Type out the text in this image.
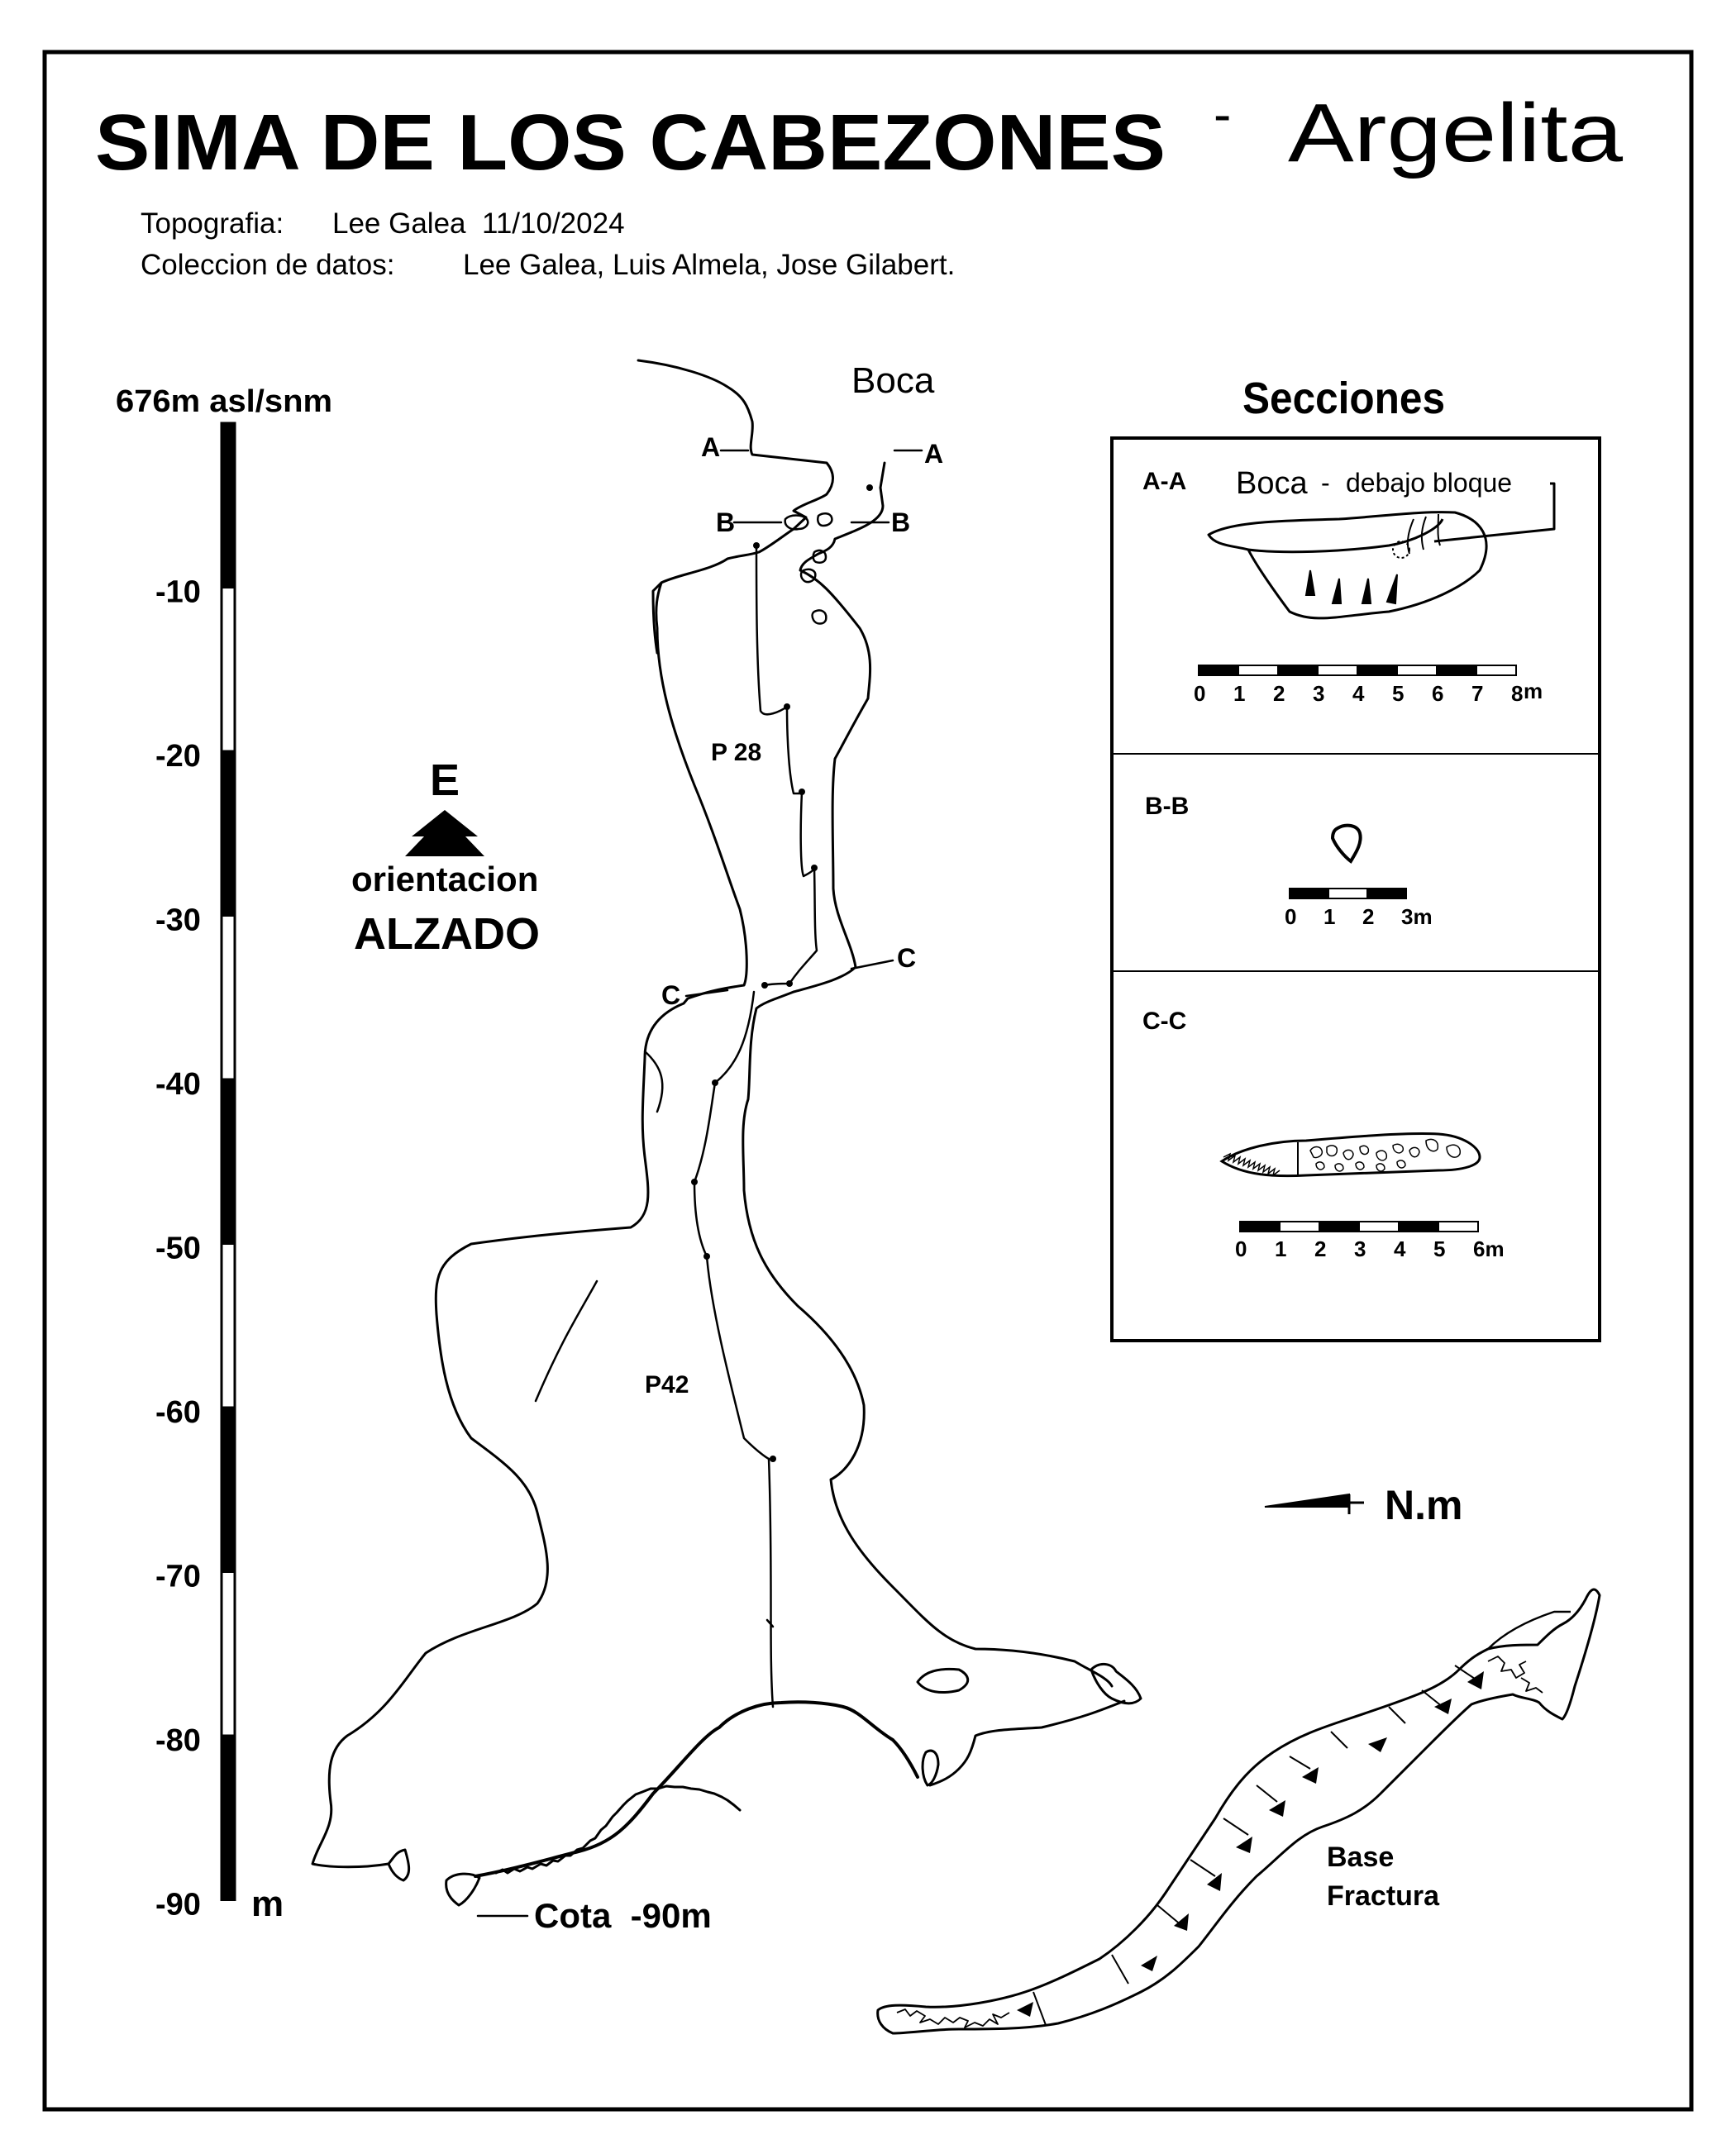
SIMA DE LOS CABEZONES - Argelita
Topografia: Lee Galea  11/10/2024
Coleccion de datos: Lee Galea, Luis Almela, Jose Gilabert.
676m asl/snm
-10
-20
-30
-40
-50
-60
-70
-80
-90 m
E
orientacion
ALZADO
Boca
A	A
B	B
C
C
P 28
P42
Cota  -90m
Secciones
A-A Boca - debajo bloque
0 1 2 3 4 5 6 7 8 m
B-B
0 1 2 3m
C-C
0 1 2 3 4 5 6m
N.m
Base
Fractura
